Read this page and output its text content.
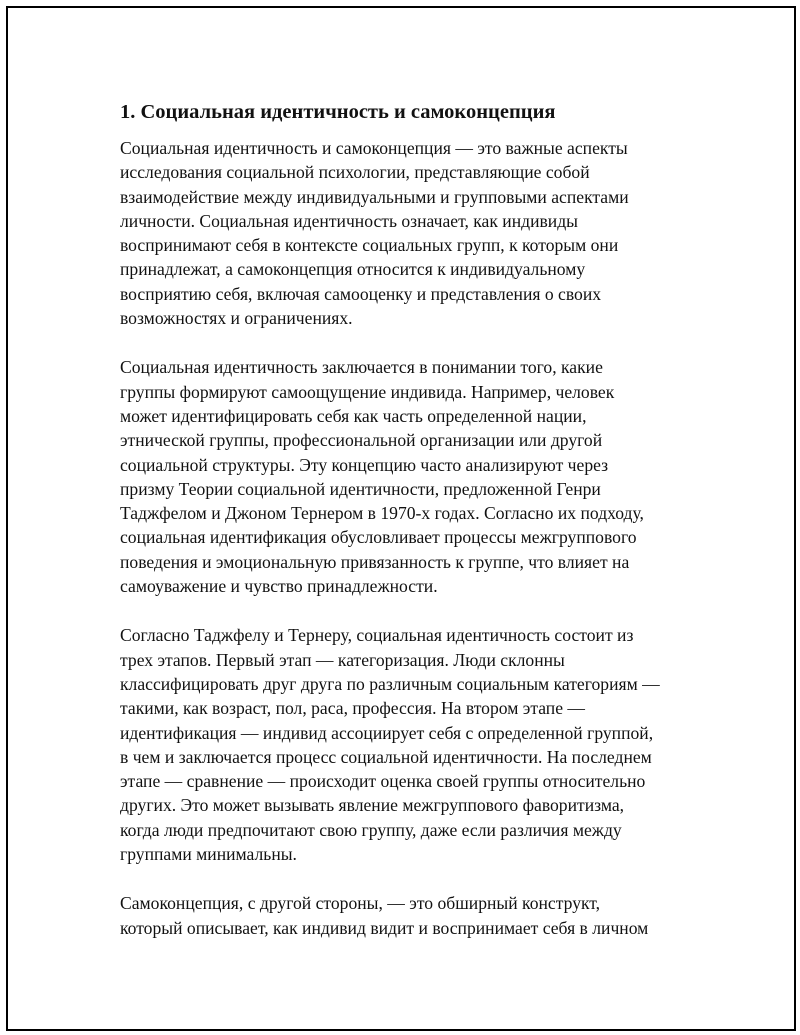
1. Социальная идентичность и самоконцепция
Социальная идентичность и самоконцепция — это важные аспекты
исследования социальной психологии, представляющие собой
взаимодействие между индивидуальными и групповыми аспектами
личности. Социальная идентичность означает, как индивиды
воспринимают себя в контексте социальных групп, к которым они
принадлежат, а самоконцепция относится к индивидуальному
восприятию себя, включая самооценку и представления о своих
возможностях и ограничениях.
Социальная идентичность заключается в понимании того, какие
группы формируют самоощущение индивида. Например, человек
может идентифицировать себя как часть определенной нации,
этнической группы, профессиональной организации или другой
социальной структуры. Эту концепцию часто анализируют через
призму Теории социальной идентичности, предложенной Генри
Таджфелом и Джоном Тернером в 1970-х годах. Согласно их подходу,
социальная идентификация обусловливает процессы межгруппового
поведения и эмоциональную привязанность к группе, что влияет на
самоуважение и чувство принадлежности.
Согласно Таджфелу и Тернеру, социальная идентичность состоит из
трех этапов. Первый этап — категоризация. Люди склонны
классифицировать друг друга по различным социальным категориям —
такими, как возраст, пол, раса, профессия. На втором этапе —
идентификация — индивид ассоциирует себя с определенной группой,
в чем и заключается процесс социальной идентичности. На последнем
этапе — сравнение — происходит оценка своей группы относительно
других. Это может вызывать явление межгруппового фаворитизма,
когда люди предпочитают свою группу, даже если различия между
группами минимальны.
Самоконцепция, с другой стороны, — это обширный конструкт,
который описывает, как индивид видит и воспринимает себя в личном
